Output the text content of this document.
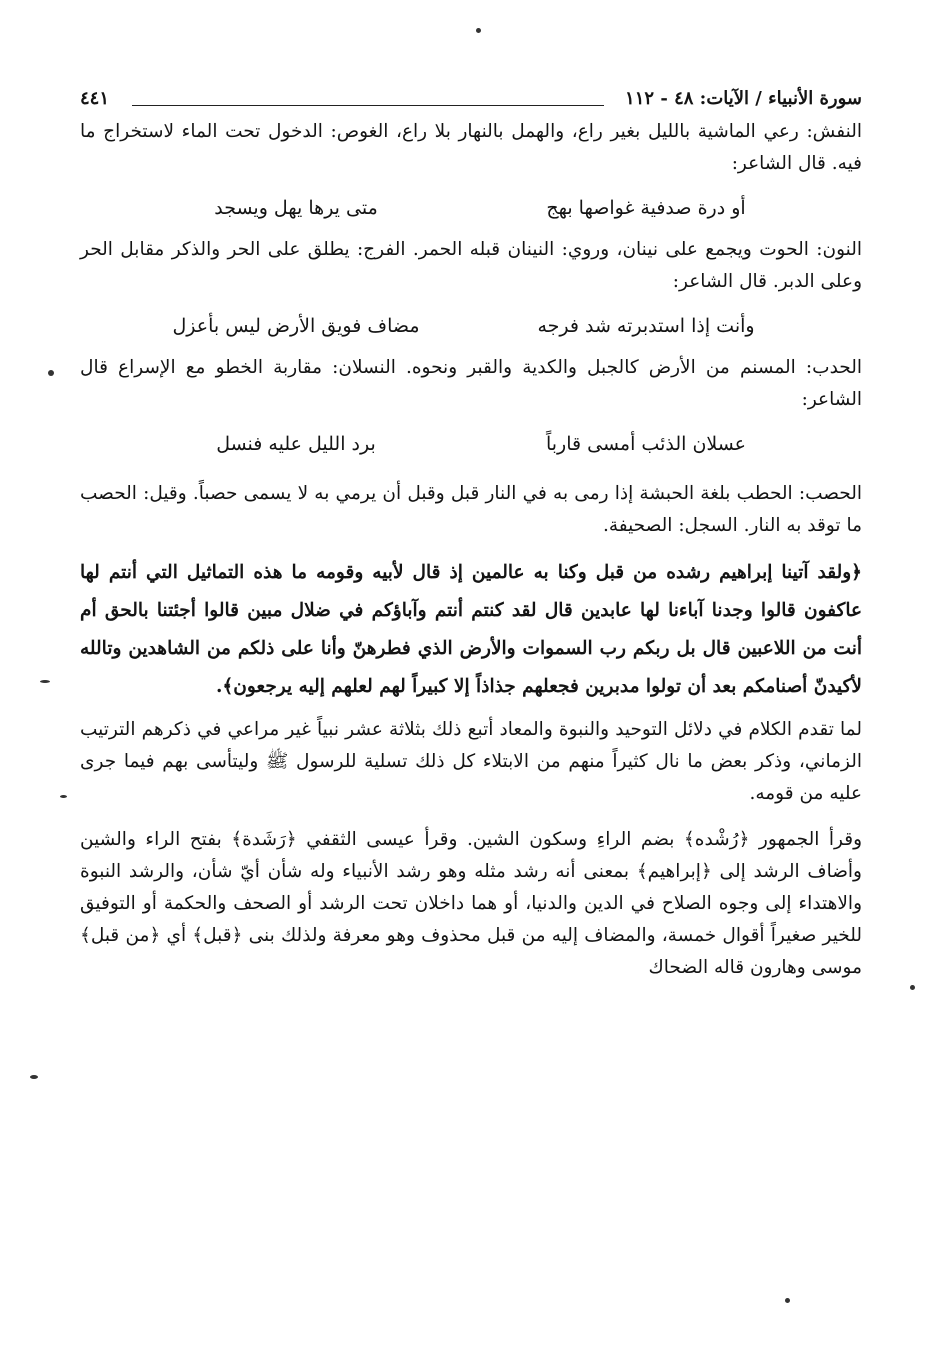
سورة الأنبياء / الآيات: ٤٨ - ١١٢
٤٤١

النفش: رعي الماشية بالليل بغير راع، والهمل بالنهار بلا راع، الغوص: الدخول تحت الماء لاستخراج ما فيه. قال الشاعر:

أو درة صدفية غواصها بهج
متى يرها يهل ويسجد

النون: الحوت ويجمع على نينان، وروي: النينان قبله الحمر. الفرج: يطلق على الحر والذكر مقابل الحر وعلى الدبر. قال الشاعر:

وأنت إذا استدبرته شد فرجه
مضاف فويق الأرض ليس بأعزل

الحدب: المسنم من الأرض كالجبل والكدية والقبر ونحوه. النسلان: مقاربة الخطو مع الإسراع قال الشاعر:

عسلان الذئب أمسى قارباً
برد الليل عليه فنسل

الحصب: الحطب بلغة الحبشة إذا رمى به في النار قبل وقبل أن يرمي به لا يسمى حصباً. وقيل: الحصب ما توقد به النار. السجل: الصحيفة.

﴿ولقد آتينا إبراهيم رشده من قبل وكنا به عالمين إذ قال لأبيه وقومه ما هذه التماثيل التي أنتم لها عاكفون قالوا وجدنا آباءنا لها عابدين قال لقد كنتم أنتم وآباؤكم في ضلال مبين قالوا أجئتنا بالحق أم أنت من اللاعبين قال بل ربكم رب السموات والأرض الذي فطرهنّ وأنا على ذلكم من الشاهدين وتالله لأكيدنّ أصنامكم بعد أن تولوا مدبرين فجعلهم جذاذاً إلا كبيراً لهم لعلهم إليه يرجعون﴾.

لما تقدم الكلام في دلائل التوحيد والنبوة والمعاد أتبع ذلك بثلاثة عشر نبياً غير مراعي في ذكرهم الترتيب الزماني، وذكر بعض ما نال كثيراً منهم من الابتلاء كل ذلك تسلية للرسول ﷺ وليتأسى بهم فيما جرى عليه من قومه.

وقرأ الجمهور ﴿رُشْده﴾ بضم الراءِ وسكون الشين. وقرأ عيسى الثقفي ﴿رَشَدة﴾ بفتح الراء والشين وأضاف الرشد إلى ﴿إبراهيم﴾ بمعنى أنه رشد مثله وهو رشد الأنبياء وله شأن أيّ شأن، والرشد النبوة والاهتداء إلى وجوه الصلاح في الدين والدنيا، أو هما داخلان تحت الرشد أو الصحف والحكمة أو التوفيق للخير صغيراً أقوال خمسة، والمضاف إليه من قبل محذوف وهو معرفة ولذلك بنى ﴿قبل﴾ أي ﴿من قبل﴾ موسى وهارون قاله الضحاك
